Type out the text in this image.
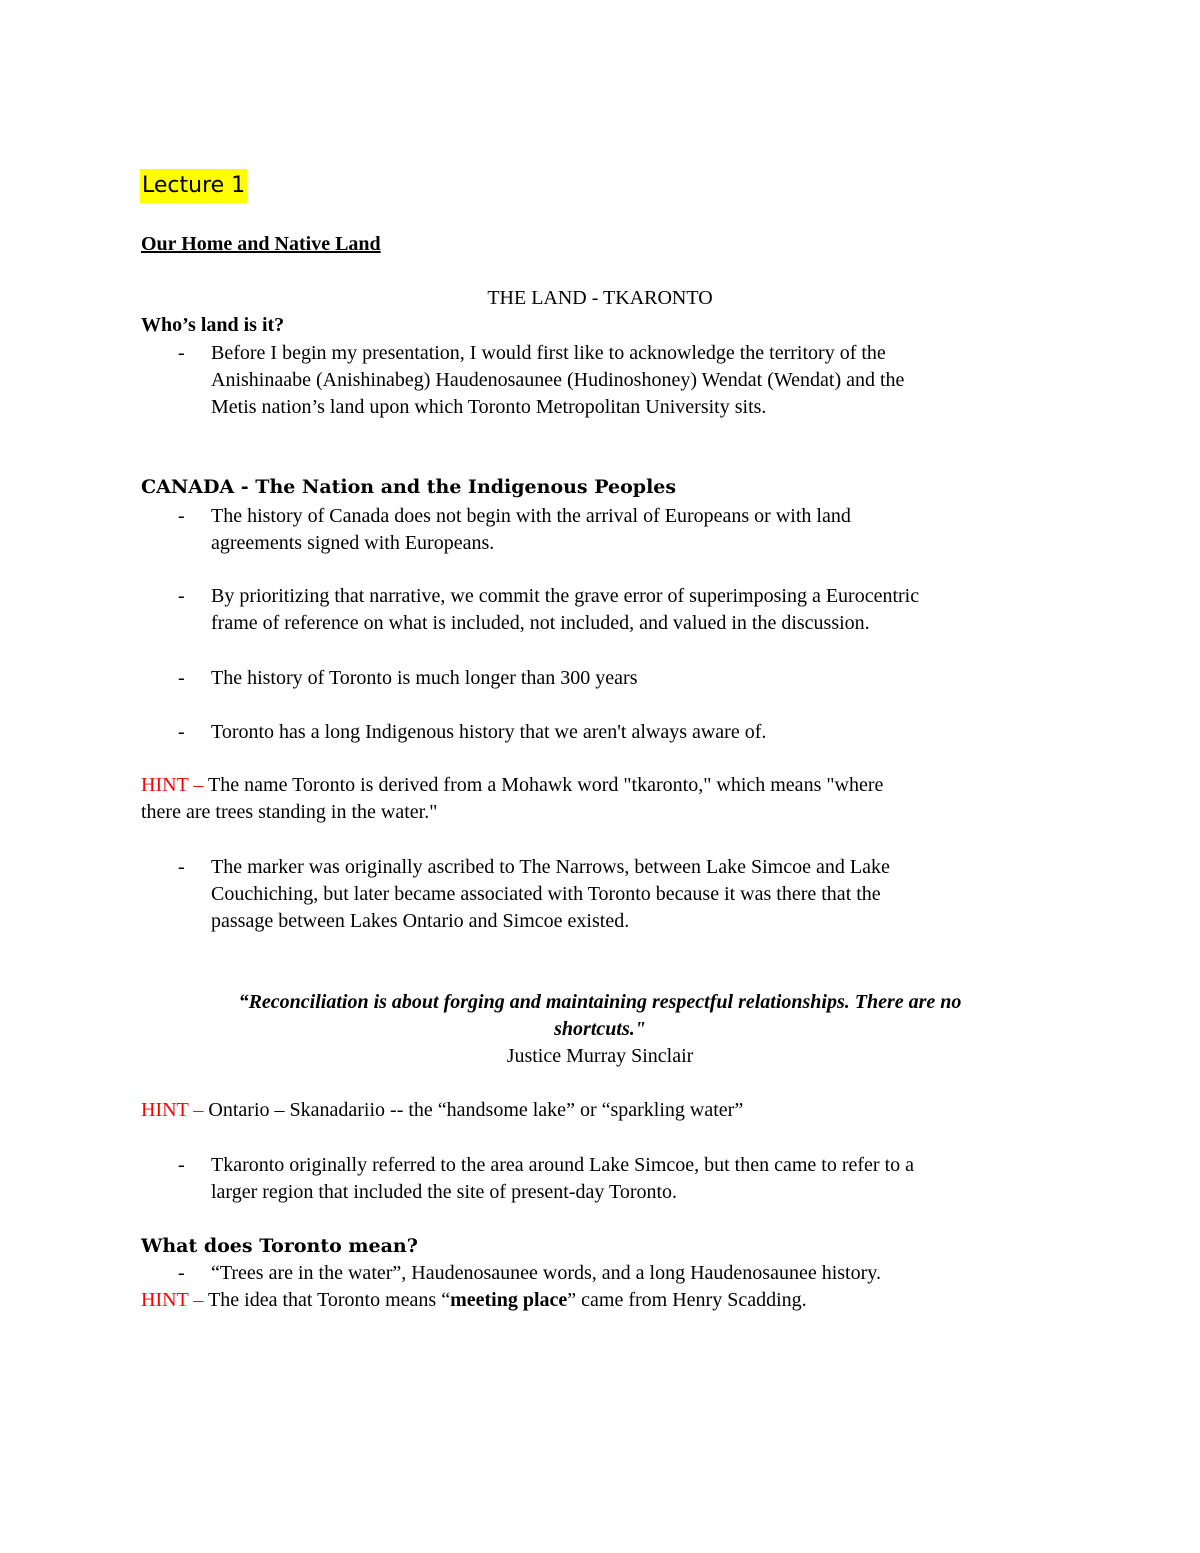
Lecture 1
Our Home and Native Land
THE LAND - TKARONTO
Who’s land is it?
- Before I begin my presentation, I would first like to acknowledge the territory of the
Anishinaabe (Anishinabeg) Haudenosaunee (Hudinoshoney) Wendat (Wendat) and the
Metis nation’s land upon which Toronto Metropolitan University sits.
CANADA - The Nation and the Indigenous Peoples
- The history of Canada does not begin with the arrival of Europeans or with land
agreements signed with Europeans.
- By prioritizing that narrative, we commit the grave error of superimposing a Eurocentric
frame of reference on what is included, not included, and valued in the discussion.
- The history of Toronto is much longer than 300 years
- Toronto has a long Indigenous history that we aren't always aware of.
HINT – The name Toronto is derived from a Mohawk word "tkaronto," which means "where
there are trees standing in the water."
- The marker was originally ascribed to The Narrows, between Lake Simcoe and Lake
Couchiching, but later became associated with Toronto because it was there that the
passage between Lakes Ontario and Simcoe existed.
“Reconciliation is about forging and maintaining respectful relationships. There are no
shortcuts."
Justice Murray Sinclair
HINT – Ontario – Skanadariio -- the “handsome lake” or “sparkling water”
- Tkaronto originally referred to the area around Lake Simcoe, but then came to refer to a
larger region that included the site of present-day Toronto.
What does Toronto mean?
- “Trees are in the water”, Haudenosaunee words, and a long Haudenosaunee history.
HINT – The idea that Toronto means “meeting place” came from Henry Scadding.
